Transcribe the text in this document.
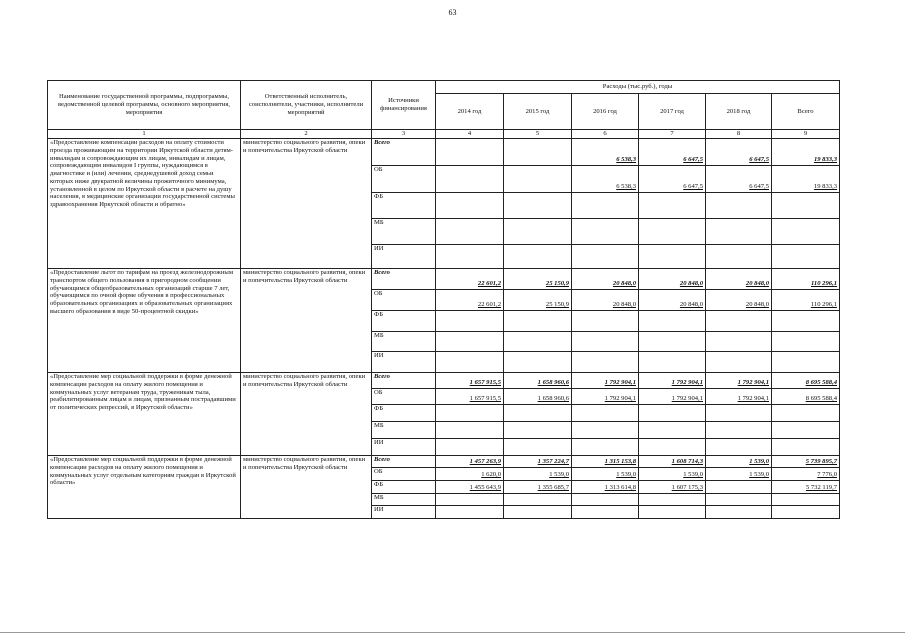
63
Наименование государственной программы, подпрограммы, ведомственной целевой программы, основного мероприятия, мероприятия	Ответственный исполнитель, соисполнители, участники, исполнители мероприятий	Источники финансирования	Расходы (тыс.руб.), годы					
			2014 год	2015 год	2016 год	2017 год	2018 год	Всего
1	2	3	4	5	6	7	8	9
«Предоставление компенсации расходов на оплату стоимости проезда проживающим на территории Иркутской области детям-инвалидам и сопровождающим их лицам, инвалидам и лицам, сопровождающим инвалидов I группы, нуждающимся в диагностике и (или) лечении, среднедушевой доход семьи которых ниже двукратной величины прожиточного минимума, установленной в целом по Иркутской области в расчете на душу населения, в медицинские организации государственной системы здравоохранения Иркутской области и обратно»	министерство социального развития, опеки и попечительства Иркутской области	Всего			6 538,3	6 647,5	6 647,5	19 833,3
		ОБ			6 538,3	6 647,5	6 647,5	19 833,3
		ФБ						
		МБ						
		ИИ						
«Предоставление льгот по тарифам на проезд железнодорожным транспортом общего пользования в пригородном сообщении обучающимся общеобразовательных организаций старше 7 лет, обучающимся по очной форме обучения в профессиональных образовательных организациях и образовательных организациях высшего образования в виде 50-процентной скидки»	министерство социального развития, опеки и попечительства Иркутской области	Всего	22 601,2	25 150,9	20 848,0	20 848,0	20 848,0	110 296,1
		ОБ	22 601,2	25 150,9	20 848,0	20 848,0	20 848,0	110 296,1
		ФБ						
		МБ						
		ИИ						
«Предоставление мер социальной поддержки в форме денежной компенсации расходов на оплату жилого помещения и коммунальных услуг ветеранам труда, труженикам тыла, реабилитированным лицам и лицам, признанным пострадавшими от политических репрессий, в Иркутской области»	министерство социального развития, опеки и попечительства Иркутской области	Всего	1 657 915,5	1 658 960,6	1 792 904,1	1 792 904,1	1 792 904,1	8 695 588,4
		ОБ	1 657 915,5	1 658 960,6	1 792 904,1	1 792 904,1	1 792 904,1	8 695 588,4
		ФБ						
		МБ						
		ИИ						
«Предоставление мер социальной поддержки в форме денежной компенсации расходов на оплату жилого помещения и коммунальных услуг отдельным категориям граждан в Иркутской области»	министерство социального развития, опеки и попечительства Иркутской области	Всего	1 457 263,9	1 357 224,7	1 315 153,8	1 608 714,3	1 539,0	5 739 895,7
		ОБ	1 620,0	1 539,0	1 539,0	1 539,0	1 539,0	7 776,0
		ФБ	1 455 643,9	1 355 685,7	1 313 614,8	1 607 175,3		5 732 119,7
		МБ						
		ИИ						
